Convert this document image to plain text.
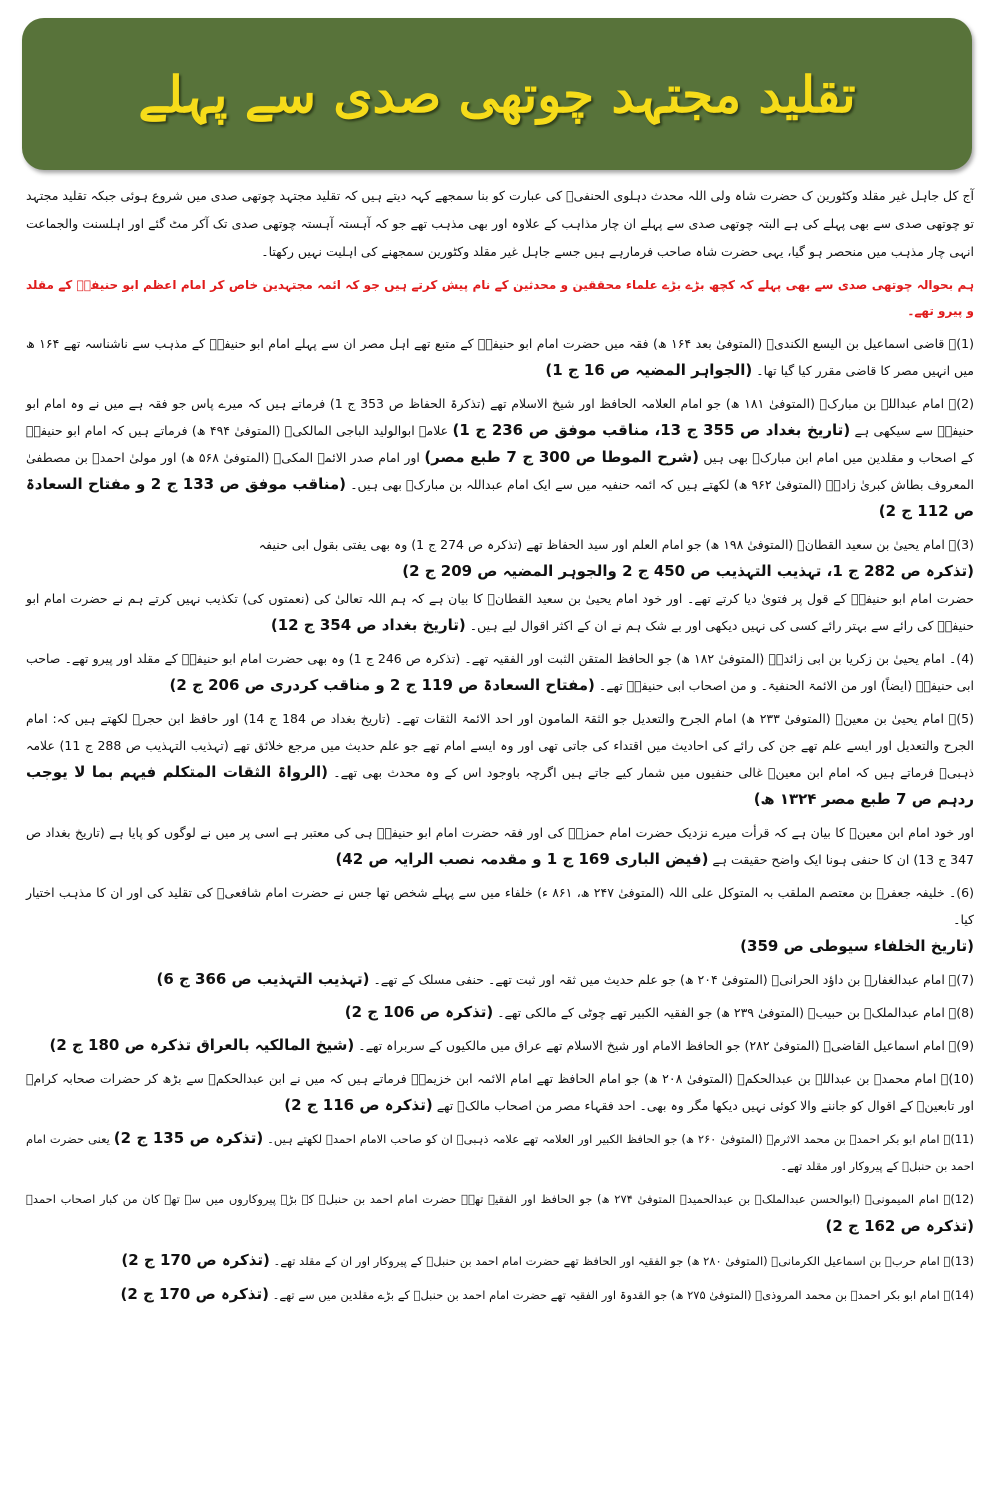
تقلید مجتہد چوتھی صدی سے پہلے

آج کل جاہل غیر مقلد وکٹورین ک حضرت شاہ ولی اللہ محدث دہلوی الحنفیؒ کی عبارت کو بنا سمجھے کہہ دیتے ہیں کہ تقلید مجتہد چوتھی صدی میں شروع ہوئی جبکہ تقلید مجتہد تو چوتھی صدی سے بھی پہلے کی ہے البتہ چوتھی صدی سے پہلے ان چار مذاہب کے علاوہ اور بھی مذہب تھے جو کہ آہستہ آہستہ چوتھی صدی تک آکر مٹ گئے اور اہلسنت والجماعت انہی چار مذہب میں منحصر ہو گیا، یہی حضرت شاہ صاحب فرمارہے ہیں جسے جاہل غیر مقلد وکٹورین سمجھنے کی اہلیت نہیں رکھتا۔

ہم بحوالہ چوتھی صدی سے بھی پہلے کہ کچھ بڑے بڑے علماء محققین و محدثین کے نام پیش کرتے ہیں جو کہ ائمہ مجتہدین خاص کر امام اعظم ابو حنیفہؒ کے مقلد و پیرو تھے۔

(1)۔ قاضی اسماعیل بن الیسع الکندیؒ (المتوفیٰ بعد ۱۶۴ ھ) فقہ میں حضرت امام ابو حنیفہؒ کے متبع تھے اہل مصر ان سے پہلے امام ابو حنیفہؒ کے مذہب سے ناشناسہ تھے ۱۶۴ ھ میں انہیں مصر کا قاضی مقرر کیا گیا تھا۔ (الجواہر المضیہ ص 16 ج 1)

(2)۔ امام عبداللہ بن مبارکؒ (المتوفیٰ ۱۸۱ ھ) جو امام العلامہ الحافظ اور شیخ الاسلام تھے (تذکرۃ الحفاظ ص 353 ج 1) فرماتے ہیں کہ میرے پاس جو فقہ ہے میں نے وہ امام ابو حنیفہؒ سے سیکھی ہے (تاریخ بغداد ص 355 ج 13، مناقب موفق ص 236 ج 1) علامہ ابوالولید الباجی المالکیؒ (المتوفیٰ ۴۹۴ ھ) فرماتے ہیں کہ امام ابو حنیفہؒ کے اصحاب و مقلدین میں امام ابن مبارکؒ بھی ہیں (شرح الموطا ص 300 ج 7 طبع مصر) اور امام صدر الائمہ المکیؒ (المتوفیٰ ۵۶۸ ھ) اور مولیٰ احمدؒ بن مصطفیٰ المعروف بطاش کبریٰ زادہؒ (المتوفیٰ ۹۶۲ ھ) لکھتے ہیں کہ ائمہ حنفیہ میں سے ایک امام عبداللہ بن مبارکؒ بھی ہیں۔ (مناقب موفق ص 133 ج 2 و مفتاح السعادۃ ص 112 ج 2)

(3)۔ امام یحییٰ بن سعید القطانؒ (المتوفیٰ ۱۹۸ ھ) جو امام العلم اور سید الحفاظ تھے (تذکرہ ص 274 ج 1) وہ بھی یفتی بقول ابی حنیفہ
(تذکرہ ص 282 ج 1، تہذیب التہذیب ص 450 ج 2 والجوہر المضیہ ص 209 ج 2)
حضرت امام ابو حنیفہؒ کے قول پر فتویٰ دیا کرتے تھے۔ اور خود امام یحییٰ بن سعید القطانؒ کا بیان ہے کہ ہم اللہ تعالیٰ کی (نعمتوں کی) تکذیب نہیں کرتے ہم نے حضرت امام ابو حنیفہؒ کی رائے سے بہتر رائے کسی کی نہیں دیکھی اور بے شک ہم نے ان کے اکثر اقوال لیے ہیں۔ (تاریخ بغداد ص 354 ج 12)

(4)۔ امام یحییٰ بن زکریا بن ابی زائدہؒ (المتوفیٰ ۱۸۲ ھ) جو الحافظ المتقن الثبت اور الفقیہ تھے۔ (تذکرہ ص 246 ج 1) وہ بھی حضرت امام ابو حنیفہؒ کے مقلد اور پیرو تھے۔ صاحب ابی حنیفہؒ (ایضاً) اور من الائمۃ الحنفیۃ۔ و من اصحاب ابی حنیفہؒ تھے۔ (مفتاح السعادۃ ص 119 ج 2 و مناقب کردری ص 206 ج 2)

(5)۔ امام یحییٰ بن معینؒ (المتوفیٰ ۲۳۳ ھ) امام الجرح والتعدیل جو الثقۃ المامون اور احد الائمۃ الثقات تھے۔ (تاریخ بغداد ص 184 ج 14) اور حافظ ابن حجرؒ لکھتے ہیں کہ: امام الجرح والتعدیل اور ایسے علم تھے جن کی رائے کی احادیث میں اقتداء کی جاتی تھی اور وہ ایسے امام تھے جو علم حدیث میں مرجع خلائق تھے (تہذیب التہذیب ص 288 ج 11) علامہ ذہبیؒ فرماتے ہیں کہ امام ابن معینؒ غالی حنفیوں میں شمار کیے جاتے ہیں اگرچہ باوجود اس کے وہ محدث بھی تھے۔ (الرواۃ الثقات المتکلم فیہم بما لا یوجب ردہم ص 7 طبع مصر ۱۳۲۴ ھ)

اور خود امام ابن معینؒ کا بیان ہے کہ قرأت میرے نزدیک حضرت امام حمزہؒ کی اور فقہ حضرت امام ابو حنیفہؒ ہی کی معتبر ہے اسی پر میں نے لوگوں کو پایا ہے (تاریخ بغداد ص 347 ج 13) ان کا حنفی ہونا ایک واضح حقیقت ہے (فیض الباری 169 ج 1 و مقدمہ نصب الرایہ ص 42)

(6)۔ خلیفہ جعفرؒ بن معتصم الملقب بہ المتوکل علی اللہ (المتوفیٰ ۲۴۷ ھ، ۸۶۱ ء) خلفاء میں سے پہلے شخص تھا جس نے حضرت امام شافعیؒ کی تقلید کی اور ان کا مذہب اختیار کیا۔
(تاریخ الخلفاء سیوطی ص 359)

(7)۔ امام عبدالغفارؒ بن داؤد الحرانیؒ (المتوفیٰ ۲۰۴ ھ) جو علم حدیث میں ثقہ اور ثبت تھے۔ حنفی مسلک کے تھے۔ (تہذیب التہذیب ص 366 ج 6)

(8)۔ امام عبدالملکؒ بن حبیبؒ (المتوفیٰ ۲۳۹ ھ) جو الفقیہ الکبیر تھے چوٹی کے مالکی تھے۔ (تذکرہ ص 106 ج 2)

(9)۔ امام اسماعیل القاضیؒ (المتوفیٰ ۲۸۲) جو الحافظ الامام اور شیخ الاسلام تھے عراق میں مالکیوں کے سربراہ تھے۔ (شیخ المالکیہ بالعراق تذکرہ ص 180 ج 2)

(10)۔ امام محمدؒ بن عبداللہ بن عبدالحکمؒ (المتوفیٰ ۲۰۸ ھ) جو امام الحافظ تھے امام الائمہ ابن خزیمہؒ فرماتے ہیں کہ میں نے ابن عبدالحکمؒ سے بڑھ کر حضرات صحابہ کرامؓ اور تابعینؒ کے اقوال کو جاننے والا کوئی نہیں دیکھا مگر وہ بھی۔ احد فقہاء مصر من اصحاب مالکؒ تھے (تذکرہ ص 116 ج 2)

(11)۔ امام ابو بکر احمدؒ بن محمد الاثرمؒ (المتوفیٰ ۲۶۰ ھ) جو الحافظ الکبیر اور العلامہ تھے علامہ ذہبیؒ ان کو صاحب الامام احمدؒ لکھتے ہیں۔ (تذکرہ ص 135 ج 2) یعنی حضرت امام احمد بن حنبلؒ کے پیروکار اور مقلد تھے۔

(12)۔ امام المیمونیؒ (ابوالحسن عبدالملکؒ بن عبدالحمیدؒ المتوفیٰ ۲۷۴ ھ) جو الحافظ اور الفقیہ تھے۔ حضرت امام احمد بن حنبلؒ کے بڑے پیروکاروں میں سے تھے کان من کبار اصحاب احمدؒ (تذکرہ ص 162 ج 2)

(13)۔ امام حربؒ بن اسماعیل الکرمانیؒ (المتوفیٰ ۲۸۰ ھ) جو الفقیہ اور الحافظ تھے حضرت امام احمد بن حنبلؒ کے پیروکار اور ان کے مقلد تھے۔ (تذکرہ ص 170 ج 2)

(14)۔ امام ابو بکر احمدؒ بن محمد المروذیؒ (المتوفیٰ ۲۷۵ ھ) جو القدوۃ اور الفقیہ تھے حضرت امام احمد بن حنبلؒ کے بڑے مقلدین میں سے تھے۔ (تذکرہ ص 170 ج 2)
